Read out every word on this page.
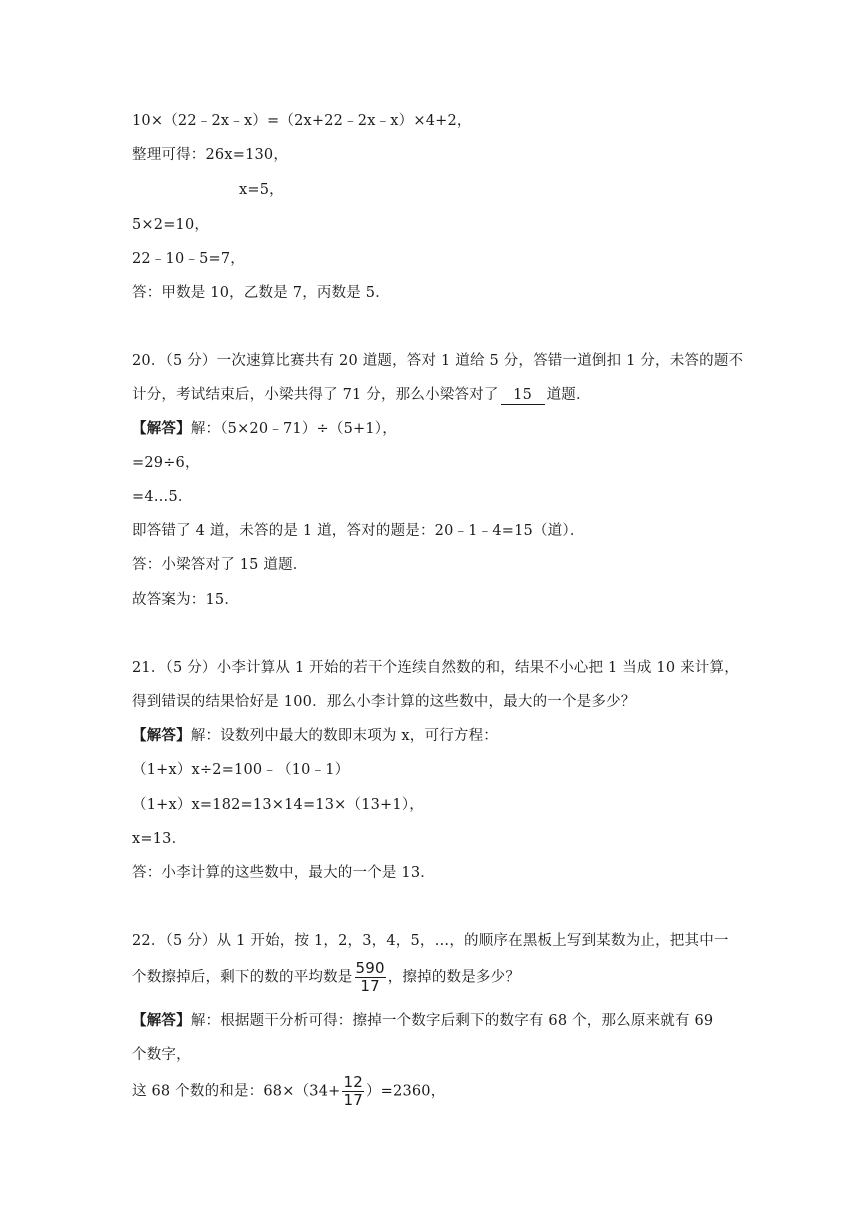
10×（22﹣2x﹣x）=（2x+22﹣2x﹣x）×4+2，
整理可得：26x=130，
x=5，
5×2=10，
22﹣10﹣5=7，
答：甲数是 10，乙数是 7，丙数是 5．
20．（5 分）一次速算比赛共有 20 道题，答对 1 道给 5 分，答错一道倒扣 1 分，未答的题不
计分，考试结束后，小梁共得了 71 分，那么小梁答对了 15 道题．
【解答】解：（5×20﹣71）÷（5+1），
=29÷6，
=4…5．
即答错了 4 道，未答的是 1 道，答对的题是：20﹣1﹣4=15（道）．
答：小梁答对了 15 道题．
故答案为：15．
21．（5 分）小李计算从 1 开始的若干个连续自然数的和，结果不小心把 1 当成 10 来计算，
得到错误的结果恰好是 100．那么小李计算的这些数中，最大的一个是多少？
【解答】解：设数列中最大的数即末项为 x，可行方程：
（1+x）x÷2=100﹣（10﹣1）
（1+x）x=182=13×14=13×（13+1），
x=13．
答：小李计算的这些数中，最大的一个是 13．
22．（5 分）从 1 开始，按 1，2，3，4，5，…，的顺序在黑板上写到某数为止，把其中一
个数擦掉后，剩下的数的平均数是 $\frac{590}{17}$ ，擦掉的数是多少？
【解答】解：根据题干分析可得：擦掉一个数字后剩下的数字有 68 个，那么原来就有 69
个数字，
这 68 个数的和是：$68\times(34+ \frac{12}{17} )=2360$，
